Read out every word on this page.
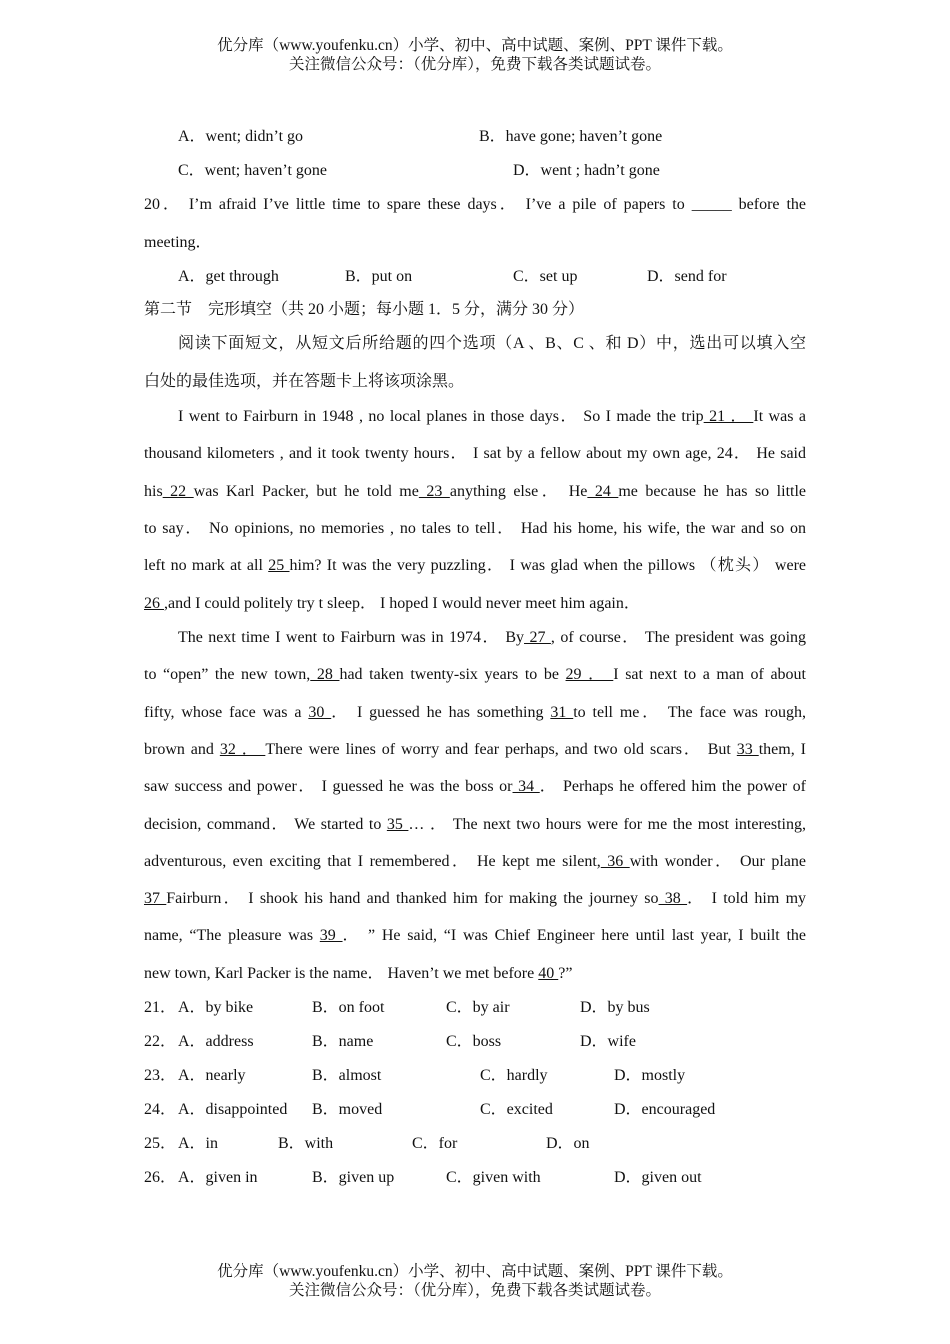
优分库（www.youfenku.cn）小学、初中、高中试题、案例、PPT 课件下载。
关注微信公众号：（优分库），免费下载各类试题试卷。
A．went; didn’t go	B．have gone; haven’t gone
C．went; haven’t gone	D．went ; hadn’t gone
20． I’m afraid I’ve little time to spare these days． I’ve a pile of papers to _____ before the
meeting．
A．get through	B．put on	C．set up	D．send for
第二节　完形填空（共 20 小题；每小题 1．5 分，满分 30 分）
阅读下面短文，从短文后所给题的四个选项（A 、B、C 、和 D）中，选出可以填入空
白处的最佳选项，并在答题卡上将该项涂黑。
I went to Fairburn in 1948 , no local planes in those days． So I made the trip 21 ． It was a
thousand kilometers , and it took twenty hours． I sat by a fellow about my own age, 24． He said
his 22 was Karl Packer, but he told me 23 anything else． He 24 me because he has so little
to say． No opinions, no memories , no tales to tell． Had his home, his wife, the war and so on
left no mark at all 25 him? It was the very puzzling． I was glad when the pillows （枕头） were
26 ,and I could politely try t sleep． I hoped I would never meet him again．
The next time I went to Fairburn was in 1974． By 27 , of course． The president was going
to “open” the new town, 28 had taken twenty-six years to be 29 ． I sat next to a man of about
fifty, whose face was a 30 ． I guessed he has something 31 to tell me． The face was rough,
brown and 32 ． There were lines of worry and fear perhaps, and two old scars． But 33 them, I
saw success and power． I guessed he was the boss or 34 ． Perhaps he offered him the power of
decision, command． We started to 35 … ． The next two hours were for me the most interesting,
adventurous, even exciting that I remembered． He kept me silent, 36 with wonder． Our plane
37 Fairburn． I shook his hand and thanked him for making the journey so 38 ． I told him my
name, “The pleasure was 39 ． ” He said, “I was Chief Engineer here until last year, I built the
new town, Karl Packer is the name． Haven’t we met before 40 ?”
21． A．by bike	B．on foot	C．by air	D．by bus
22． A．address	B．name	C．boss	D．wife
23． A．nearly	B．almost	C．hardly	D．mostly
24． A．disappointed B．moved	C．excited	D．encouraged
25． A．in	B．with	C．for	D．on
26． A．given in	B．given up	C．given with	D．given out
优分库（www.youfenku.cn）小学、初中、高中试题、案例、PPT 课件下载。
关注微信公众号：（优分库），免费下载各类试题试卷。
